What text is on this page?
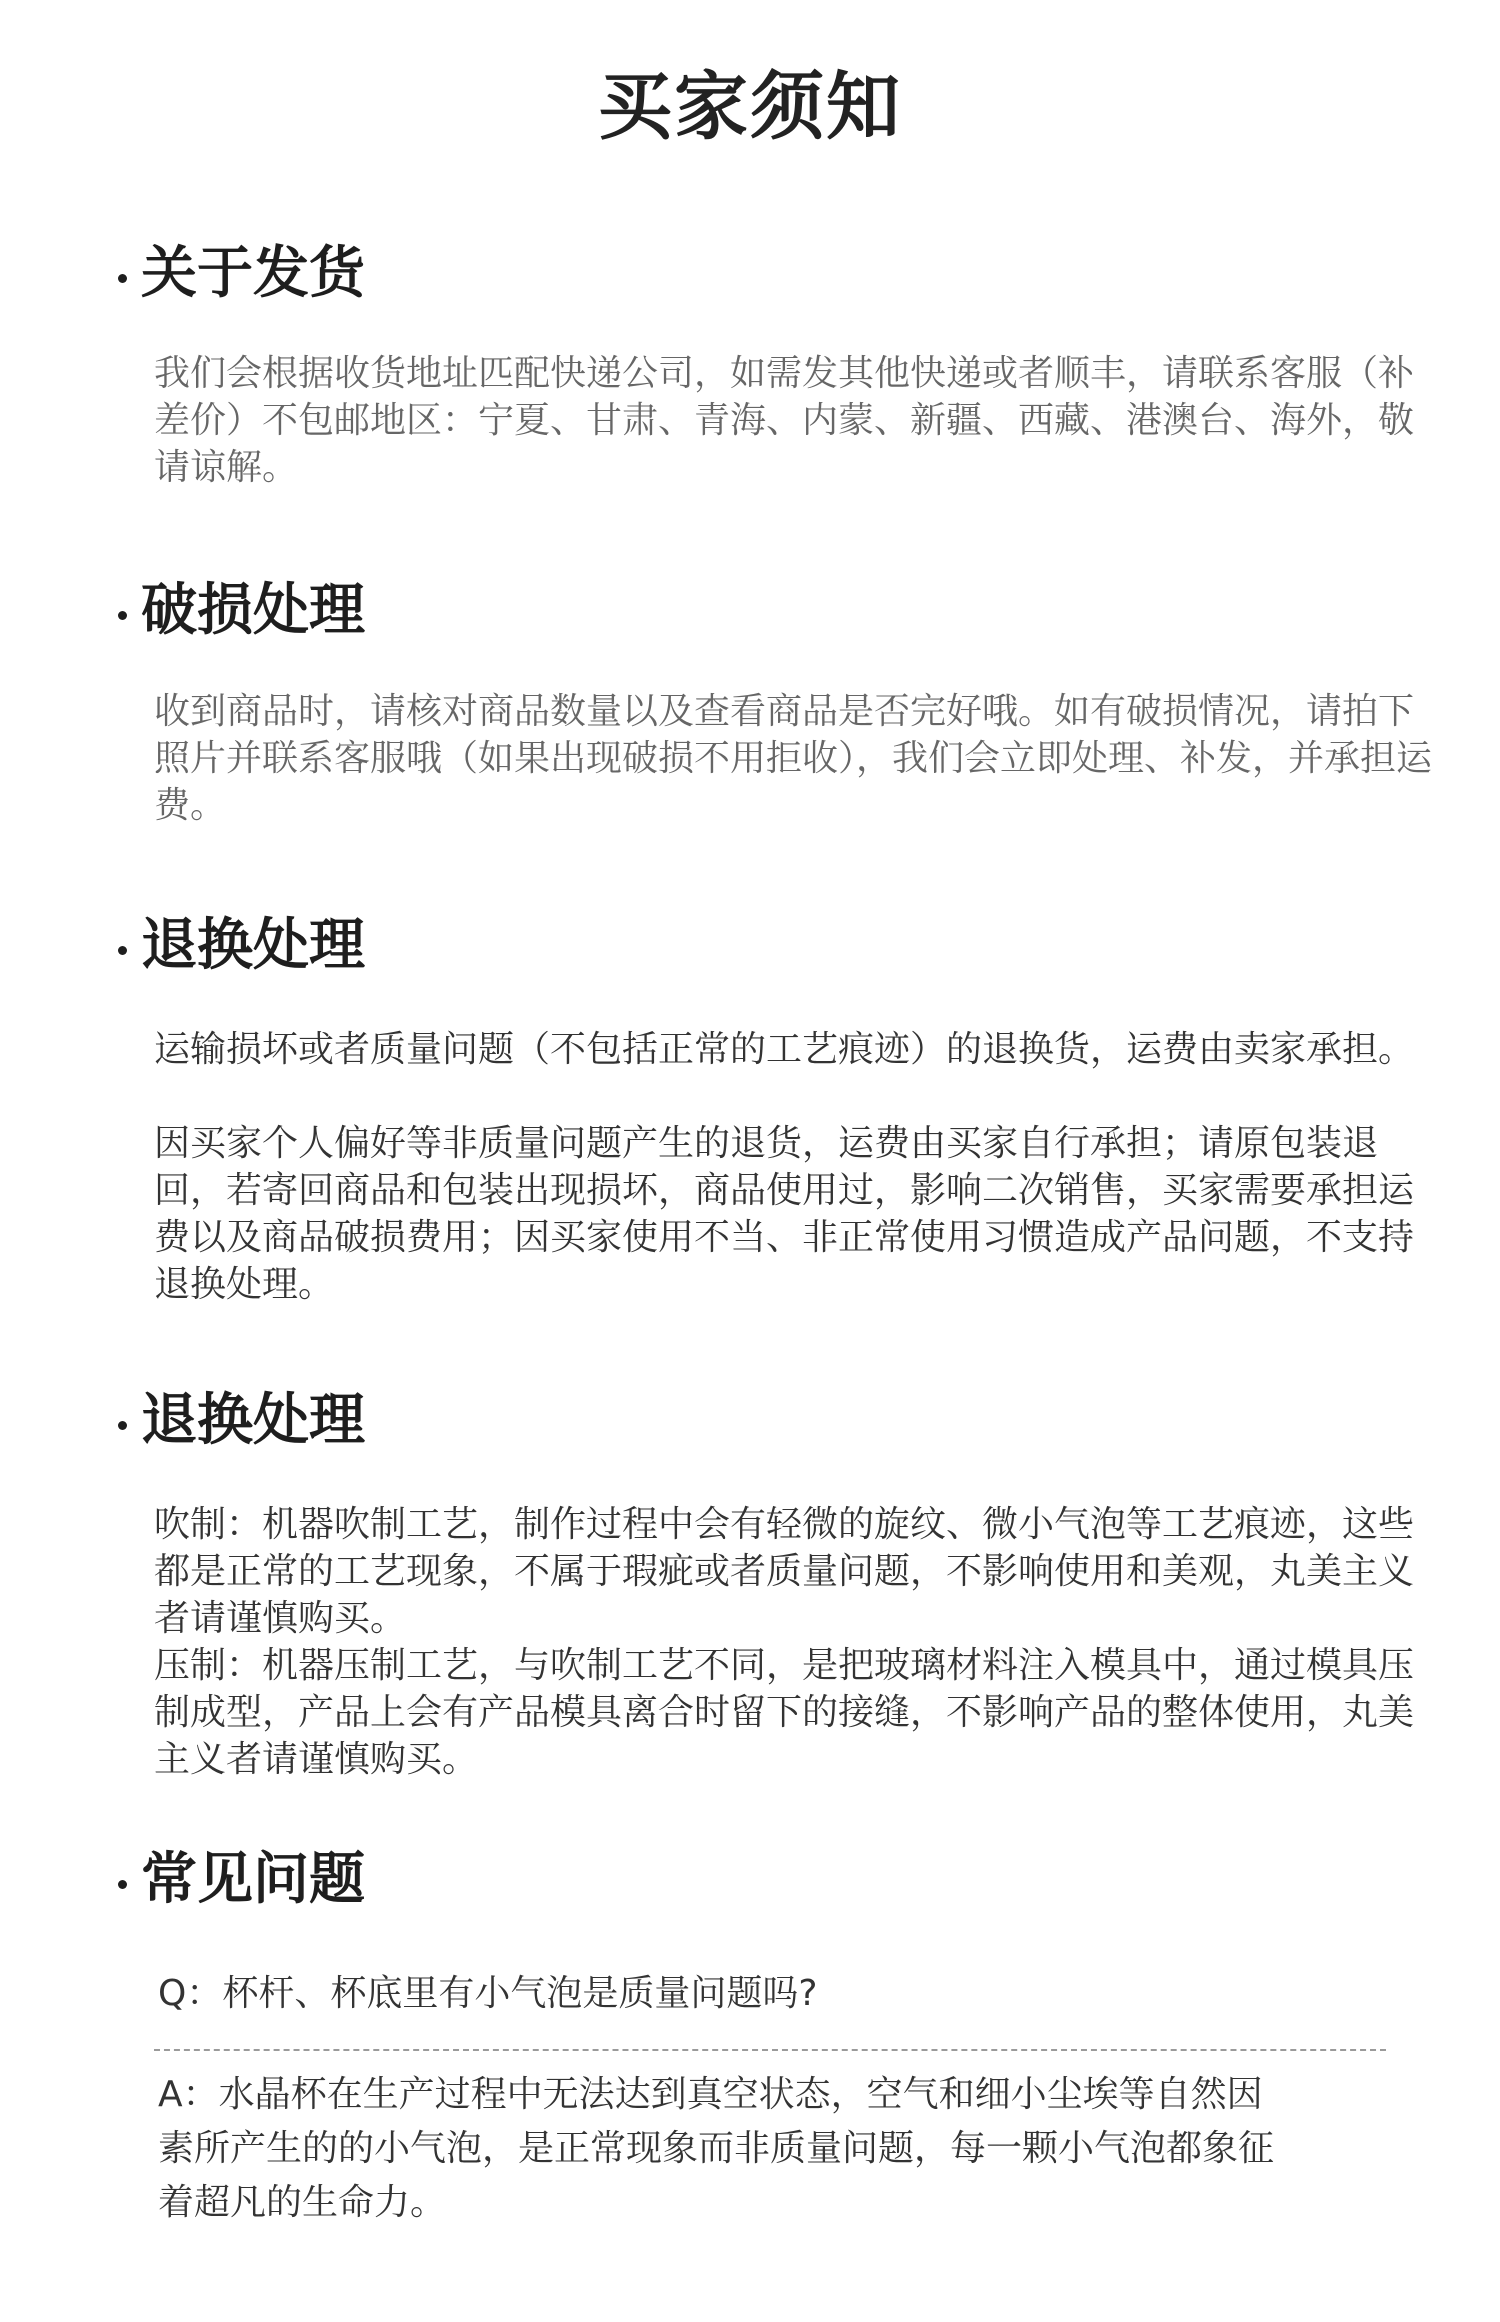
买家须知
关于发货

我们会根据收货地址匹配快递公司，如需发其他快递或者顺丰，请联系客服（补差价）不包邮地区：宁夏、甘肃、青海、内蒙、新疆、西藏、港澳台、海外，敬请谅解。

破损处理

收到商品时，请核对商品数量以及查看商品是否完好哦。如有破损情况，请拍下照片并联系客服哦（如果出现破损不用拒收），我们会立即处理、补发，并承担运费。

退换处理

运输损坏或者质量问题（不包括正常的工艺痕迹）的退换货，运费由卖家承担。

因买家个人偏好等非质量问题产生的退货，运费由买家自行承担；请原包装退回，若寄回商品和包装出现损坏，商品使用过，影响二次销售，买家需要承担运费以及商品破损费用；因买家使用不当、非正常使用习惯造成产品问题，不支持退换处理。

退换处理

吹制：机器吹制工艺，制作过程中会有轻微的旋纹、微小气泡等工艺痕迹，这些都是正常的工艺现象，不属于瑕疵或者质量问题，不影响使用和美观，丸美主义者请谨慎购买。

压制：机器压制工艺，与吹制工艺不同，是把玻璃材料注入模具中，通过模具压制成型，产品上会有产品模具离合时留下的接缝，不影响产品的整体使用，丸美主义者请谨慎购买。

常见问题
Q：杯杆、杯底里有小气泡是质量问题吗?
A：水晶杯在生产过程中无法达到真空状态，空气和细小尘埃等自然因素所产生的的小气泡，是正常现象而非质量问题，每一颗小气泡都象征着超凡的生命力。
